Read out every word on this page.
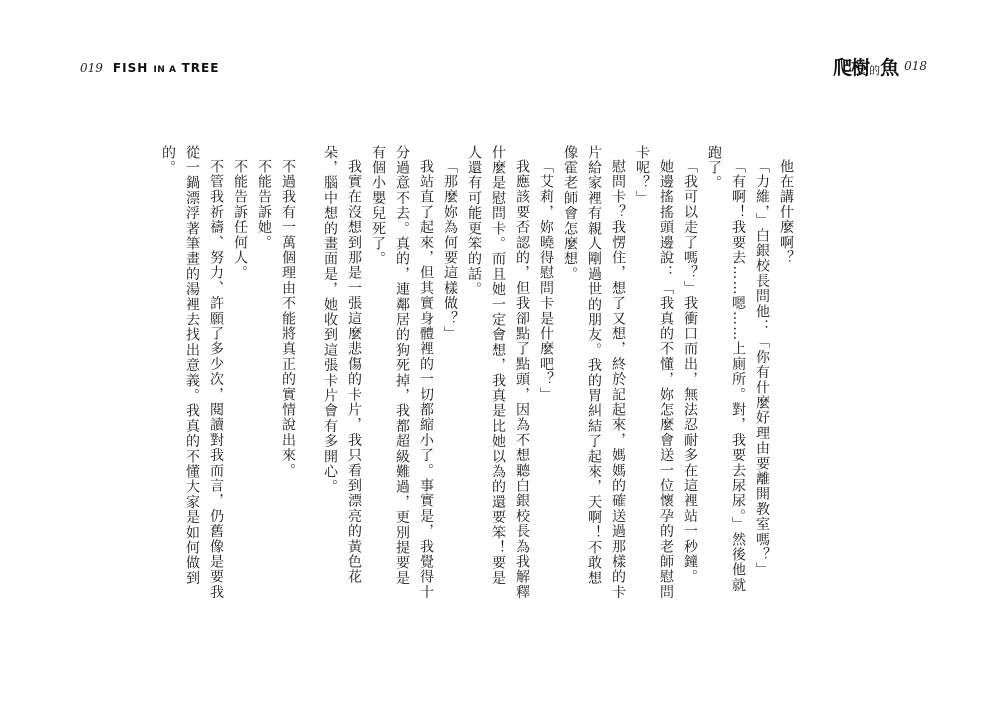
019 FISH IN A TREE	爬樹的魚 018

他在講什麼啊？

「力維，」白銀校長問他：「你有什麼好理由要離開教室嗎？」

「有啊！我要去……嗯……上廁所。對，我要去尿尿。」然後他就跑了。

「我可以走了嗎？」我衝口而出，無法忍耐多在這裡站一秒鐘。

她邊搖搖頭邊說：「我真的不懂，妳怎麼會送一位懷孕的老師慰問卡呢？」

慰問卡？我愣住，想了又想，終於記起來，媽媽的確送過那樣的卡片給家裡有親人剛過世的朋友。我的胃糾結了起來，天啊！不敢想像霍老師會怎麼想。

「艾莉，妳曉得慰問卡是什麼吧？」

我應該要否認的，但我卻點了點頭，因為不想聽白銀校長為我解釋什麼是慰問卡。而且她一定會想，我真是比她以為的還要笨！要是人還有可能更笨的話。

「那麼妳為何要這樣做？」

我站直了起來，但其實身體裡的一切都縮小了。事實是，我覺得十分過意不去。真的，連鄰居的狗死掉，我都超級難過，更別提要是有個小嬰兒死了。

我實在沒想到那是一張這麼悲傷的卡片，我只看到漂亮的黃色花朵，腦中想的畫面是，她收到這張卡片會有多開心。

不過我有一萬個理由不能將真正的實情說出來。

不能告訴她。

不能告訴任何人。

不管我祈禱、努力、許願了多少次，閱讀對我而言，仍舊像是要我從一鍋漂浮著筆畫的湯裡去找出意義。我真的不懂大家是如何做到的。
